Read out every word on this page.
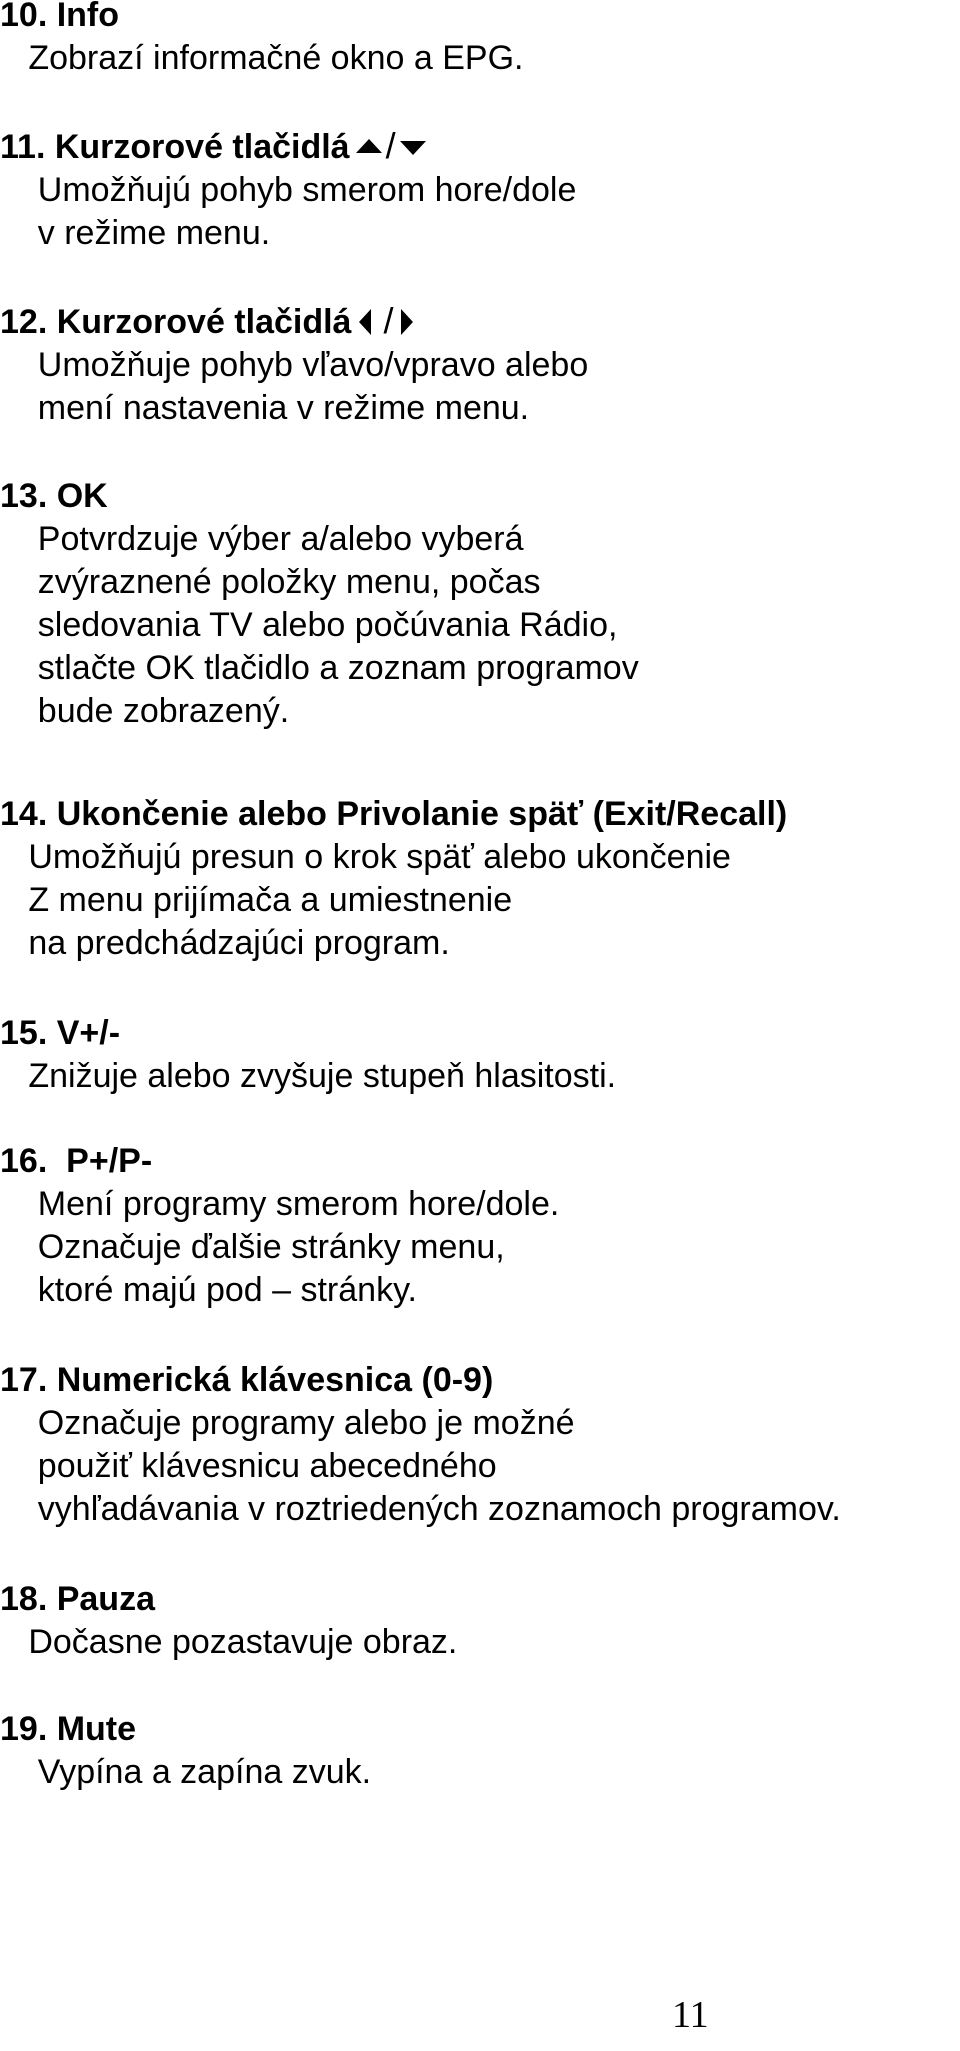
10. Info
Zobrazí informačné okno a EPG.
11. Kurzorové tlačidlá /
Umožňujú pohyb smerom hore/dole
v režime menu.
12. Kurzorové tlačidlá /
Umožňuje pohyb vľavo/vpravo alebo
mení nastavenia v režime menu.
13. OK
Potvrdzuje výber a/alebo vyberá
zvýraznené položky menu, počas
sledovania TV alebo počúvania Rádio,
stlačte OK tlačidlo a zoznam programov
bude zobrazený.
14. Ukončenie alebo Privolanie späť (Exit/Recall)
Umožňujú presun o krok späť alebo ukončenie
Z menu prijímača a umiestnenie
na predchádzajúci program.
15. V+/-
Znižuje alebo zvyšuje stupeň hlasitosti.
16.  P+/P-
Mení programy smerom hore/dole.
Označuje ďalšie stránky menu,
ktoré majú pod – stránky.
17. Numerická klávesnica (0-9)
Označuje programy alebo je možné
použiť klávesnicu abecedného
vyhľadávania v roztriedených zoznamoch programov.
18. Pauza
Dočasne pozastavuje obraz.
19. Mute
Vypína a zapína zvuk.
11
